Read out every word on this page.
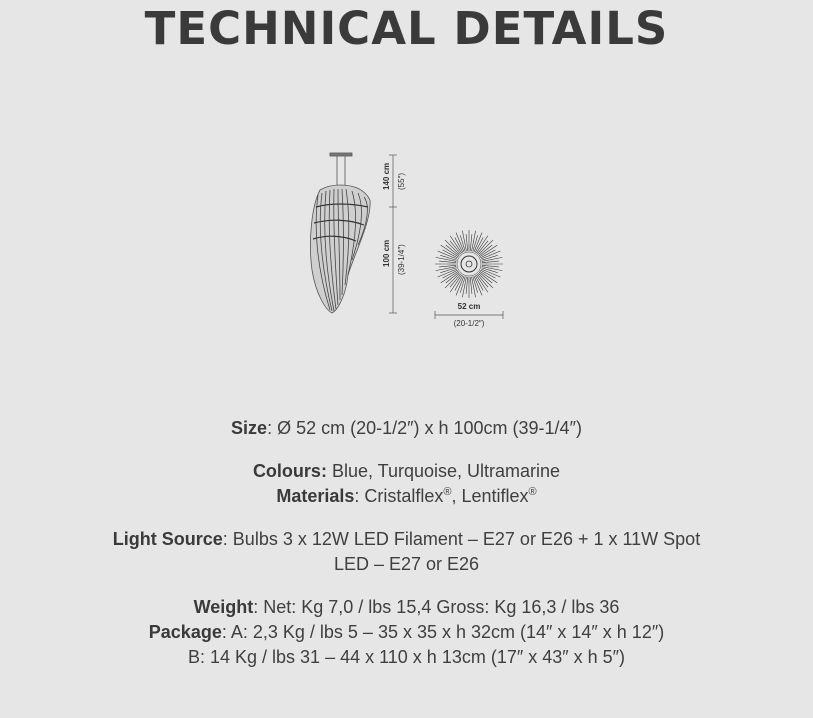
TECHNICAL DETAILS
140 cm (55″)
100 cm (39-1/4″)
52 cm
(20-1/2″)

Size: Ø 52 cm (20-1/2″) x h 100cm (39-1/4″)

Colours: Blue, Turquoise, Ultramarine
Materials: Cristalflex®, Lentiflex®

Light Source: Bulbs 3 x 12W LED Filament – E27 or E26 + 1 x 11W Spot LED – E27 or E26

Weight: Net: Kg 7,0 / lbs 15,4 Gross: Kg 16,3 / lbs 36
Package: A: 2,3 Kg / lbs 5 – 35 x 35 x h 32cm (14″ x 14″ x h 12″)
B: 14 Kg / lbs 31 – 44 x 110 x h 13cm (17″ x 43″ x h 5″)
